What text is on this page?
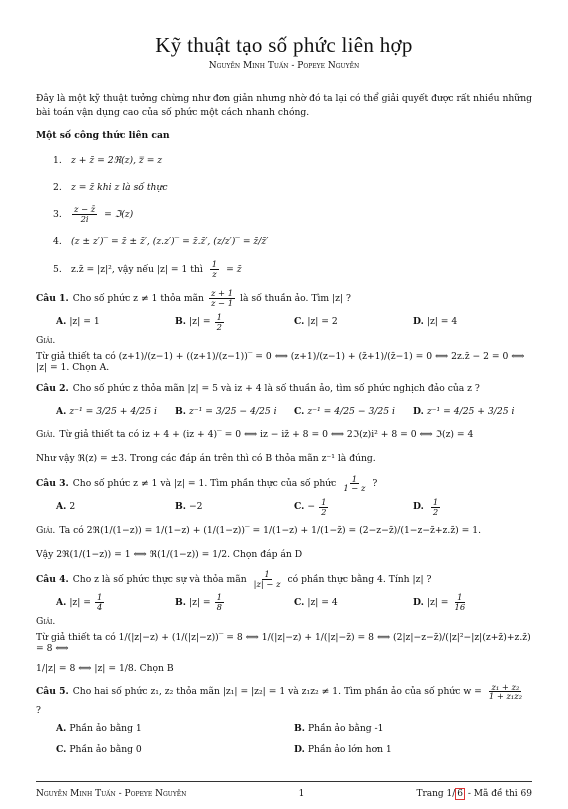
Kỹ thuật tạo số phức liên hợp
Nguyễn Minh Tuấn - Popeye Nguyễn
Đây là một kỹ thuật tưởng chừng như đơn giản nhưng nhờ đó ta lại có thể giải quyết được rất nhiều những bài toán vận dụng cao của số phức một cách nhanh chóng.
Một số công thức liên can
1.	z + z̄ = 2ℜ(z), z̿ = z
2.	z = z̄ khi z là số thực
3.	$\frac{z - z̄}{2i}$ = ℑ(z)
4.	(z ± z′)‾ = z̄ ± z̄′, (z.z′)‾ = z̄.z̄′, (z/z′)‾ = z̄/z̄′
5.	z.z̄ = |z|², vậy nếu |z| = 1 thì $\frac{1}{z}$ = z̄
Câu 1. Cho số phức z ≠ 1 thỏa mãn $\frac{z + 1}{z - 1}$ là số thuần ảo. Tìm |z| ?
A. |z| = 1	B. $|z| = \frac{1}{2}$	C. |z| = 2	D. |z| = 4
Giải.
Từ giả thiết ta có (z+1)/(z−1) + ((z+1)/(z−1))‾ = 0 ⟺ (z+1)/(z−1) + (z̄+1)/(z̄−1) = 0 ⟺ 2z.z̄ − 2 = 0 ⟺ |z| = 1. Chọn A.
Câu 2. Cho số phức z thỏa mãn |z| = 5 và iz + 4 là số thuần ảo, tìm số phức nghịch đảo của z ?
A. z⁻¹ = 3/25 + 4/25 i B. z⁻¹ = 3/25 − 4/25 i C. z⁻¹ = 4/25 − 3/25 i D. z⁻¹ = 4/25 + 3/25 i
Giải. Từ giả thiết ta có iz + 4 + (iz + 4)‾ = 0 ⟺ iz − iz̄ + 8 = 0 ⟺ 2ℑ(z)i² + 8 = 0 ⟺ ℑ(z) = 4
Như vậy ℜ(z) = ±3. Trong các đáp án trên thì có B thỏa mãn z⁻¹ là đúng.
Câu 3. Cho số phức z ≠ 1 và |z| = 1. Tìm phần thực của số phức $\frac{1}{1 - z}$ ?
A. 2	B. −2	C. − $\frac{1}{2}$	D. $\frac{1}{2}$
Giải. Ta có 2ℜ(1/(1−z)) = 1/(1−z) + (1/(1−z))‾ = 1/(1−z) + 1/(1−z̄) = (2−z−z̄)/(1−z−z̄+z.z̄) = 1.
Vậy 2ℜ(1/(1−z)) = 1 ⟺ ℜ(1/(1−z)) = 1/2. Chọn đáp án D
Câu 4. Cho z là số phức thực sự và thỏa mãn $\frac{1}{|z| - z}$ có phần thực bằng 4. Tính |z| ?
A. $|z| = \frac{1}{4}$	B. $|z| = \frac{1}{8}$	C. |z| = 4	D. $|z| = \frac{1}{16}$
Giải.
Từ giả thiết ta có 1/(|z|−z) + (1/(|z|−z))‾ = 8 ⟺ 1/(|z|−z) + 1/(|z|−z̄) = 8 ⟺ (2|z|−z−z̄)/(|z|²−|z|(z+z̄)+z.z̄) = 8 ⟺
1/|z| = 8 ⟺ |z| = 1/8. Chọn B
Câu 5. Cho hai số phức z₁, z₂ thỏa mãn |z₁| = |z₂| = 1 và z₁z₂ ≠ 1. Tìm phần ảo của số phức $w = \frac{\text{z₁ + z₂}}{\text{1 + z₁z₂}}$
?
A. Phần ảo bằng 1	B. Phần ảo bằng -1
C. Phần ảo bằng 0	D. Phần ảo lớn hơn 1
Nguyễn Minh Tuấn - Popeye Nguyễn	1	Trang 1/ 6 - Mã đề thi 69
